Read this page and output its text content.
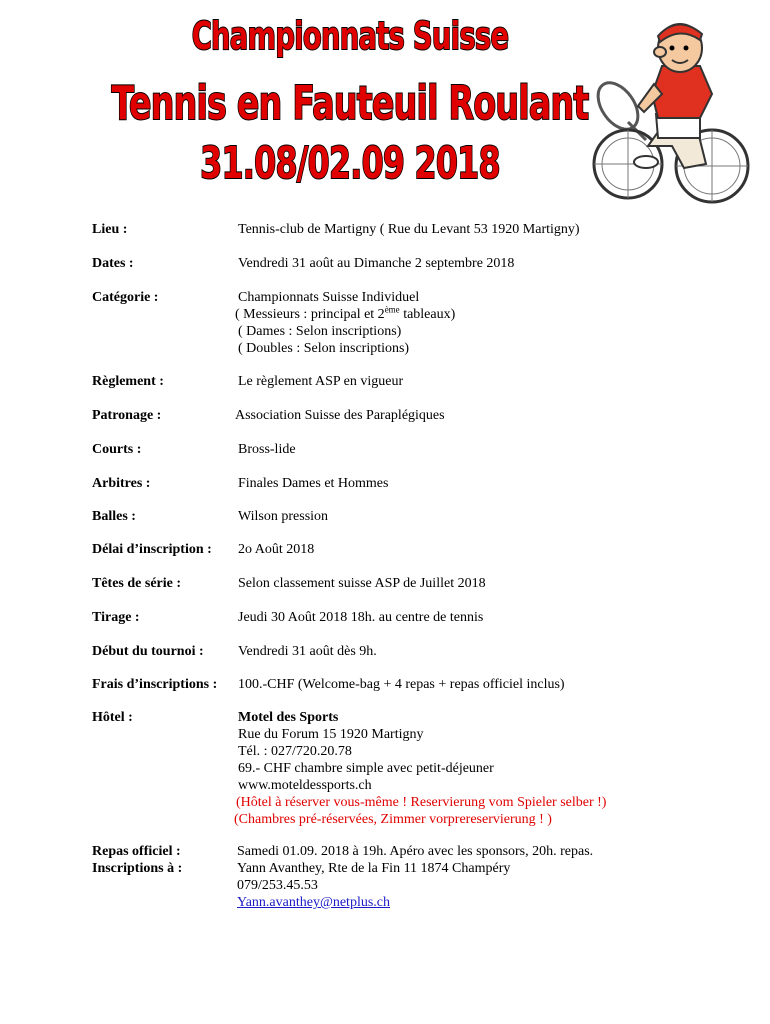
Championnats Suisse
Tennis en Fauteuil Roulant
31.08/02.09 2018
Lieu :	Tennis-club de Martigny ( Rue du Levant 53 1920 Martigny)
Dates :	Vendredi 31 août au Dimanche 2 septembre 2018
Catégorie :	Championnats Suisse Individuel
( Messieurs : principal et 2ème tableaux)
( Dames : Selon inscriptions)
( Doubles : Selon inscriptions)
Règlement :	Le règlement ASP en vigueur
Patronage :	Association Suisse des Paraplégiques
Courts :	Bross-lide
Arbitres :	Finales Dames et Hommes
Balles :	Wilson pression
Délai d’inscription : 2o Août 2018
Têtes de série :	Selon classement suisse ASP de Juillet 2018
Tirage :	Jeudi 30 Août 2018 18h. au centre de tennis
Début du tournoi : Vendredi 31 août dès 9h.
Frais d’inscriptions : 100.-CHF (Welcome-bag + 4 repas + repas officiel inclus)
Hôtel :	Motel des Sports
Rue du Forum 15 1920 Martigny
Tél. : 027/720.20.78
69.- CHF chambre simple avec petit-déjeuner
www.moteldessports.ch
(Hôtel à réserver vous-même ! Reservierung vom Spieler selber !)
(Chambres pré-réservées, Zimmer vorprereservierung ! )
Repas officiel :	Samedi 01.09. 2018 à 19h. Apéro avec les sponsors, 20h. repas.
Inscriptions à :	Yann Avanthey, Rte de la Fin 11 1874 Champéry
079/253.45.53
Yann.avanthey@netplus.ch
